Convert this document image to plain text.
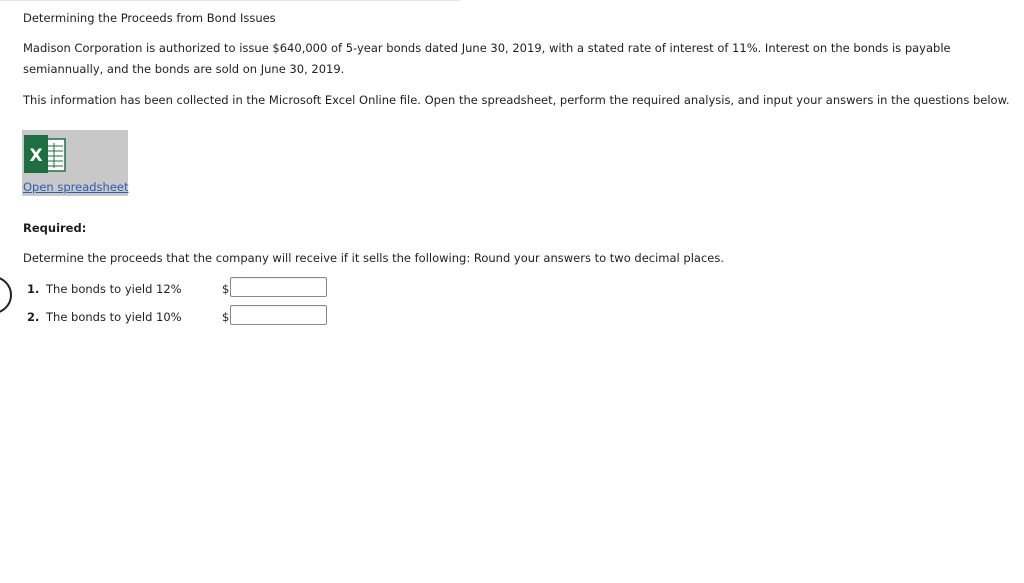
Determining the Proceeds from Bond Issues
Madison Corporation is authorized to issue $640,000 of 5-year bonds dated June 30, 2019, with a stated rate of interest of 11%. Interest on the bonds is payable
semiannually, and the bonds are sold on June 30, 2019.
This information has been collected in the Microsoft Excel Online file. Open the spreadsheet, perform the required analysis, and input your answers in the questions below.
X
Open spreadsheet
Required:
Determine the proceeds that the company will receive if it sells the following: Round your answers to two decimal places.
1. The bonds to yield 12%	$
2. The bonds to yield 10%	$
